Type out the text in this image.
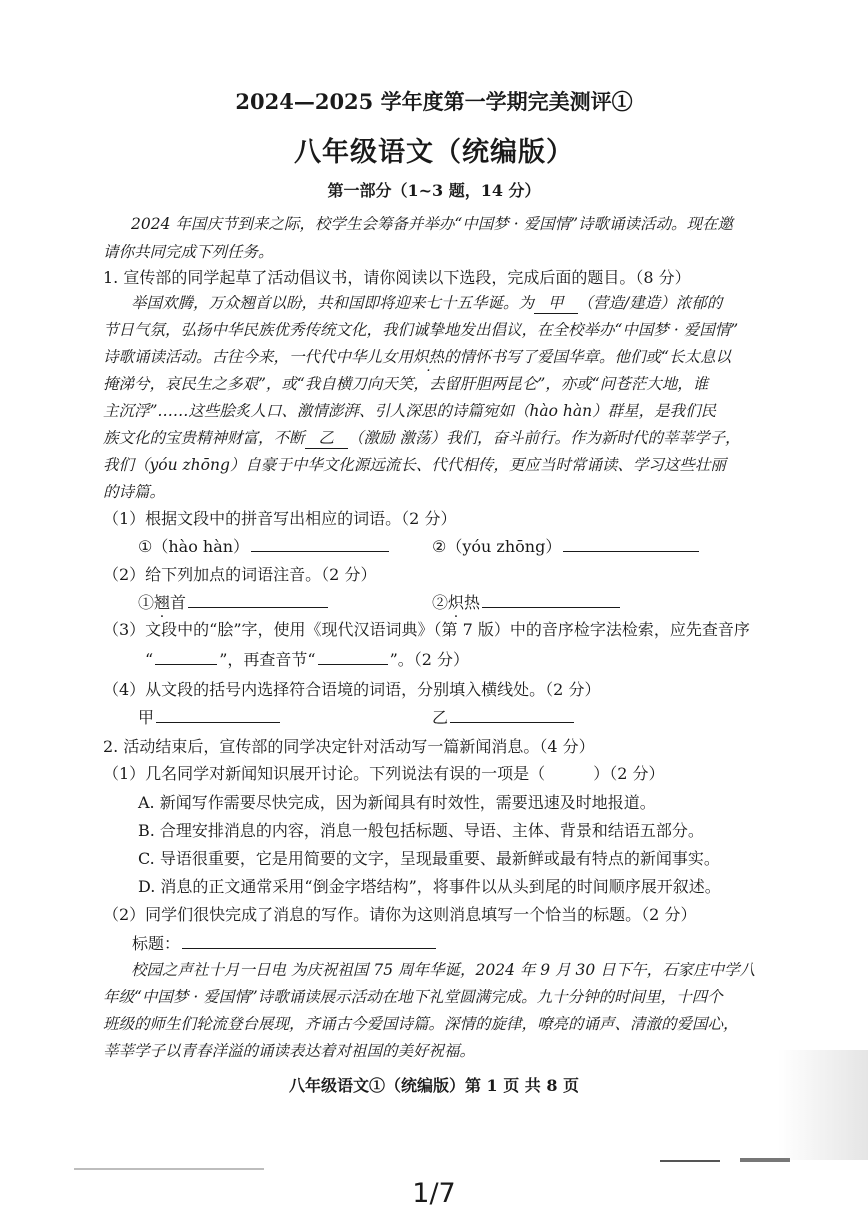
2024—2025 学年度第一学期完美测评①
八年级语文（统编版）
第一部分（1~3 题，14 分）
2024 年国庆节到来之际，校学生会筹备并举办“中国梦 · 爱国情”诗歌诵读活动。现在邀
请你共同完成下列任务。
1. 宣传部的同学起草了活动倡议书，请你阅读以下选段，完成后面的题目。（8 分）
举国欢腾，万众翘首以盼，共和国即将迎来七十五华诞。为 甲 （营造/建造）浓郁的
节日气氛，弘扬中华民族优秀传统文化，我们诚挚地发出倡议，在全校举办“中国梦 · 爱国情”
诗歌诵读活动。古往今来，一代代中华儿女用炽热的情怀书写了爱国华章。他们或“长太息以
掩涕兮，哀民生之多艰”，或“我自横刀向天笑，去留肝胆两昆仑”，亦或“问苍茫大地，谁
主沉浮”……这些脍炙人口、激情澎湃、引人深思的诗篇宛如（hào hàn）群星，是我们民
族文化的宝贵精神财富，不断 乙 （激励 激荡）我们，奋斗前行。作为新时代的莘莘学子，
我们（yóu zhōng）自豪于中华文化源远流长、代代相传，更应当时常诵读、学习这些壮丽
的诗篇。
（1）根据文段中的拼音写出相应的词语。（2 分）
①（hào hàn）	②（yóu zhōng）
（2）给下列加点的词语注音。（2 分）
①翘首	②炽热
（3）文段中的“脍”字，使用《现代汉语词典》（第 7 版）中的音序检字法检索，应先查音序
“	”，再查音节“	”。（2 分）
（4）从文段的括号内选择符合语境的词语，分别填入横线处。（2 分）
甲	乙
2. 活动结束后，宣传部的同学决定针对活动写一篇新闻消息。（4 分）
（1）几名同学对新闻知识展开讨论。下列说法有误的一项是（	）（2 分）
A. 新闻写作需要尽快完成，因为新闻具有时效性，需要迅速及时地报道。
B. 合理安排消息的内容，消息一般包括标题、导语、主体、背景和结语五部分。
C. 导语很重要，它是用简要的文字，呈现最重要、最新鲜或最有特点的新闻事实。
D. 消息的正文通常采用“倒金字塔结构”，将事件以从头到尾的时间顺序展开叙述。
（2）同学们很快完成了消息的写作。请你为这则消息填写一个恰当的标题。（2 分）
标题：
校园之声社十月一日电 为庆祝祖国 75 周年华诞，2024 年 9 月 30 日下午，石家庄中学八
年级“中国梦 · 爱国情”诗歌诵读展示活动在地下礼堂圆满完成。九十分钟的时间里，十四个
班级的师生们轮流登台展现，齐诵古今爱国诗篇。深情的旋律，嘹亮的诵声、清澈的爱国心，
莘莘学子以青春洋溢的诵读表达着对祖国的美好祝福。
八年级语文①（统编版）第 1 页 共 8 页
1/7
